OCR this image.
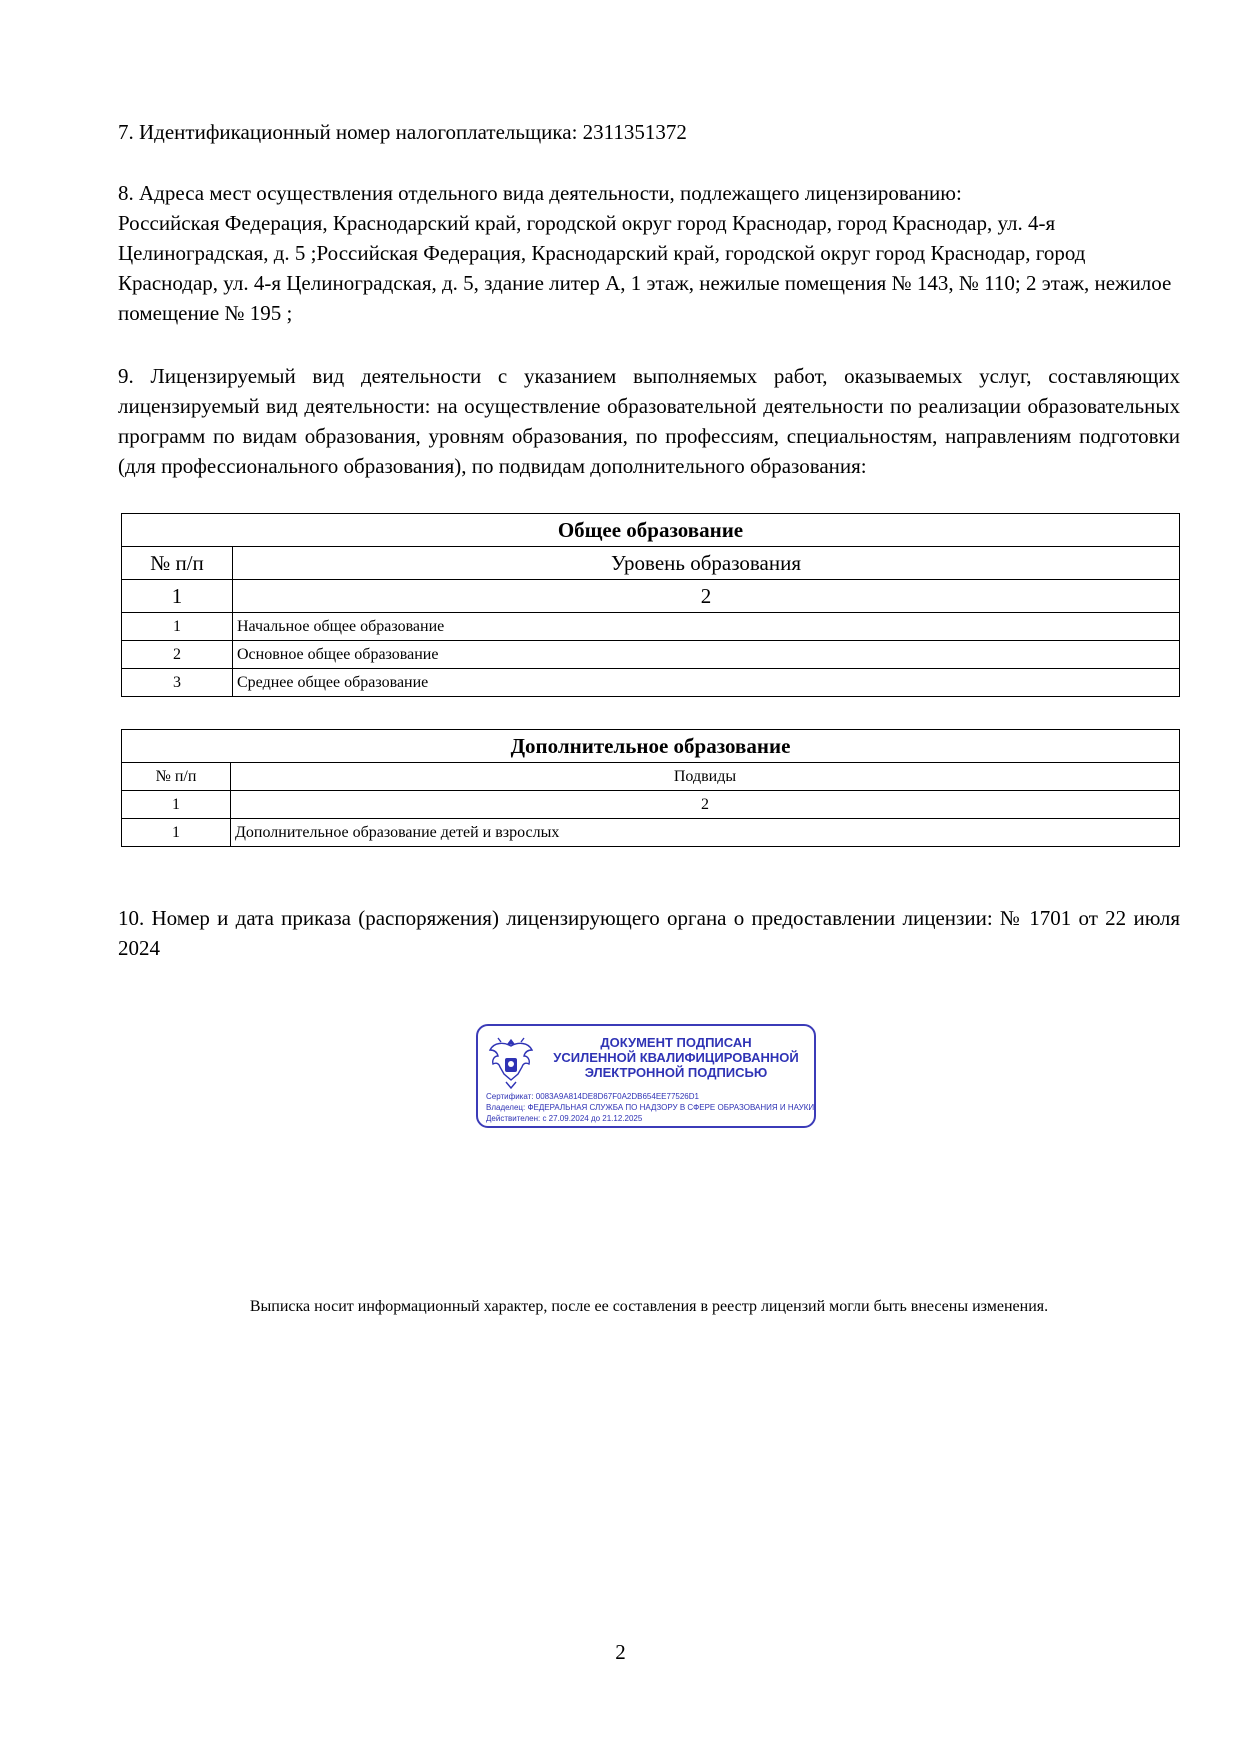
7. Идентификационный номер налогоплательщика: 2311351372
8. Адреса мест осуществления отдельного вида деятельности, подлежащего лицензированию:
Российская Федерация, Краснодарский край, городской округ город Краснодар, город Краснодар, ул. 4-я Целиноградская, д. 5 ;Российская Федерация, Краснодарский край, городской округ город Краснодар, город Краснодар, ул. 4-я Целиноградская, д. 5, здание литер А, 1 этаж, нежилые помещения № 143, № 110; 2 этаж, нежилое помещение № 195 ;
9. Лицензируемый вид деятельности с указанием выполняемых работ, оказываемых услуг, составляющих лицензируемый вид деятельности: на осуществление образовательной деятельности по реализации образовательных программ по видам образования, уровням образования, по профессиям, специальностям, направлениям подготовки (для профессионального образования), по подвидам дополнительного образования:
Общее образование	
№ п/п	Уровень образования
1	2
1	Начальное общее образование
2	Основное общее образование
3	Среднее общее образование
Дополнительное образование	
№ п/п	Подвиды
1	2
1	Дополнительное образование детей и взрослых
10. Номер и дата приказа (распоряжения) лицензирующего органа о предоставлении лицензии: № 1701 от 22 июля 2024
ДОКУМЕНТ ПОДПИСАН
УСИЛЕННОЙ КВАЛИФИЦИРОВАННОЙ
ЭЛЕКТРОННОЙ ПОДПИСЬЮ
Сертификат: 0083A9A814DE8D67F0A2DB654EE77526D1
Владелец: ФЕДЕРАЛЬНАЯ СЛУЖБА ПО НАДЗОРУ В СФЕРЕ ОБРАЗОВАНИЯ И НАУКИ
Действителен: с 27.09.2024 до 21.12.2025
Выписка носит информационный характер, после ее составления в реестр лицензий могли быть внесены изменения.
2
